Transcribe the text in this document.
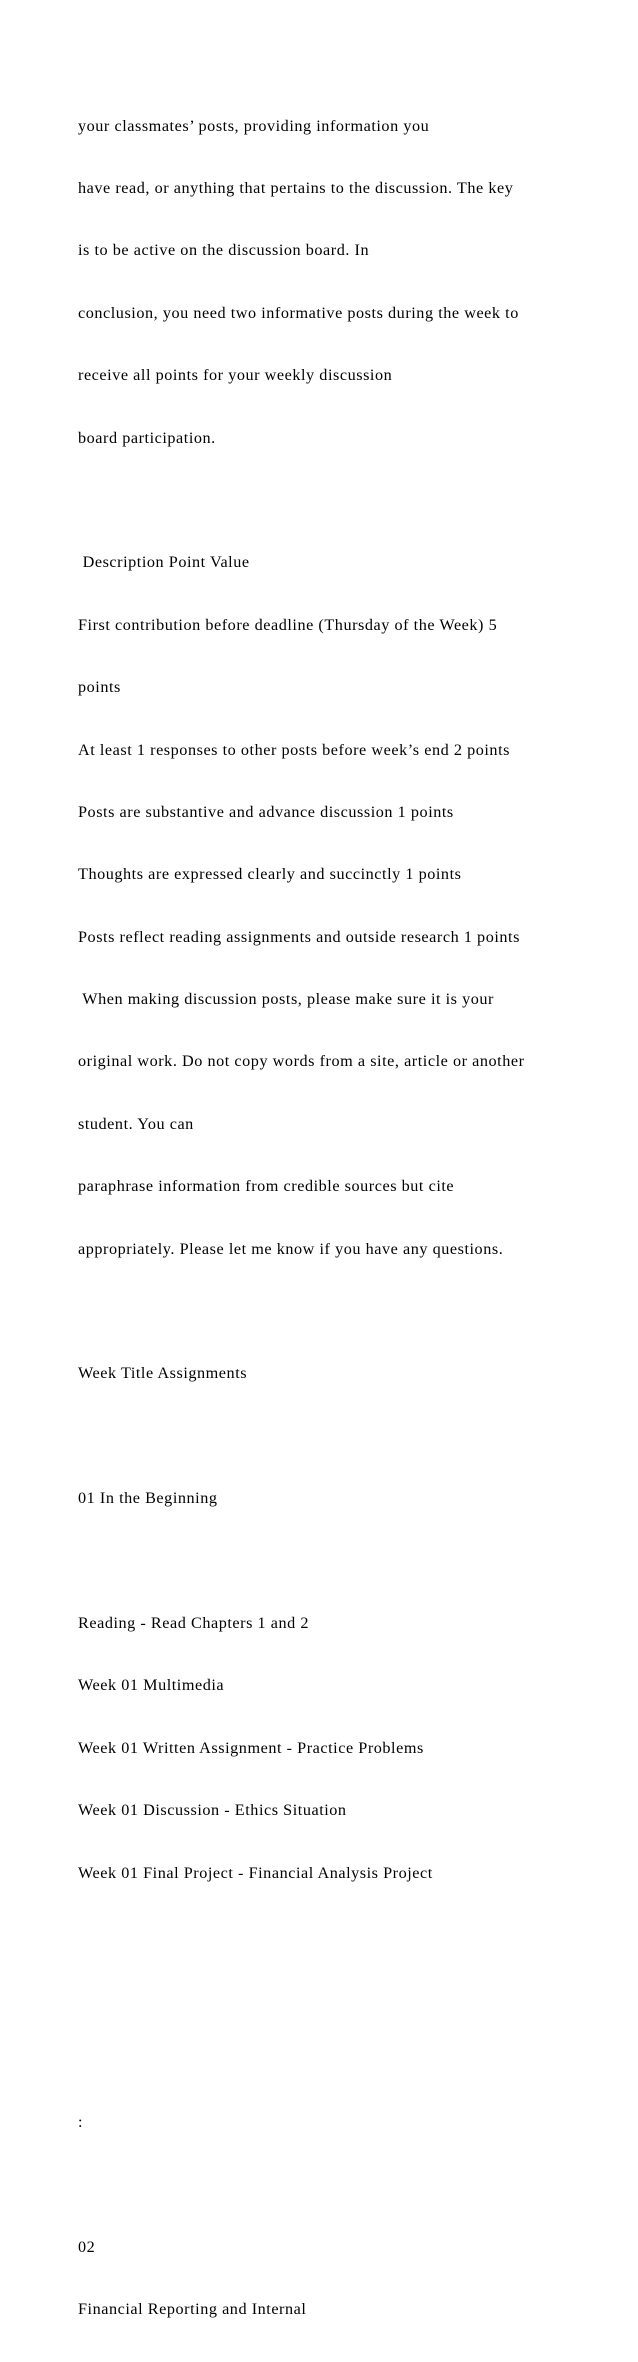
your classmates’ posts, providing information you

have read, or anything that pertains to the discussion. The key

is to be active on the discussion board. In

conclusion, you need two informative posts during the week to

receive all points for your weekly discussion

board participation.

Description Point Value

First contribution before deadline (Thursday of the Week) 5

points

At least 1 responses to other posts before week’s end 2 points

Posts are substantive and advance discussion 1 points

Thoughts are expressed clearly and succinctly 1 points

Posts reflect reading assignments and outside research 1 points

When making discussion posts, please make sure it is your

original work. Do not copy words from a site, article or another

student. You can

paraphrase information from credible sources but cite

appropriately. Please let me know if you have any questions.

Week Title Assignments

01 In the Beginning

Reading - Read Chapters 1 and 2

Week 01 Multimedia

Week 01 Written Assignment - Practice Problems

Week 01 Discussion - Ethics Situation

Week 01 Final Project - Financial Analysis Project

:

02

Financial Reporting and Internal
